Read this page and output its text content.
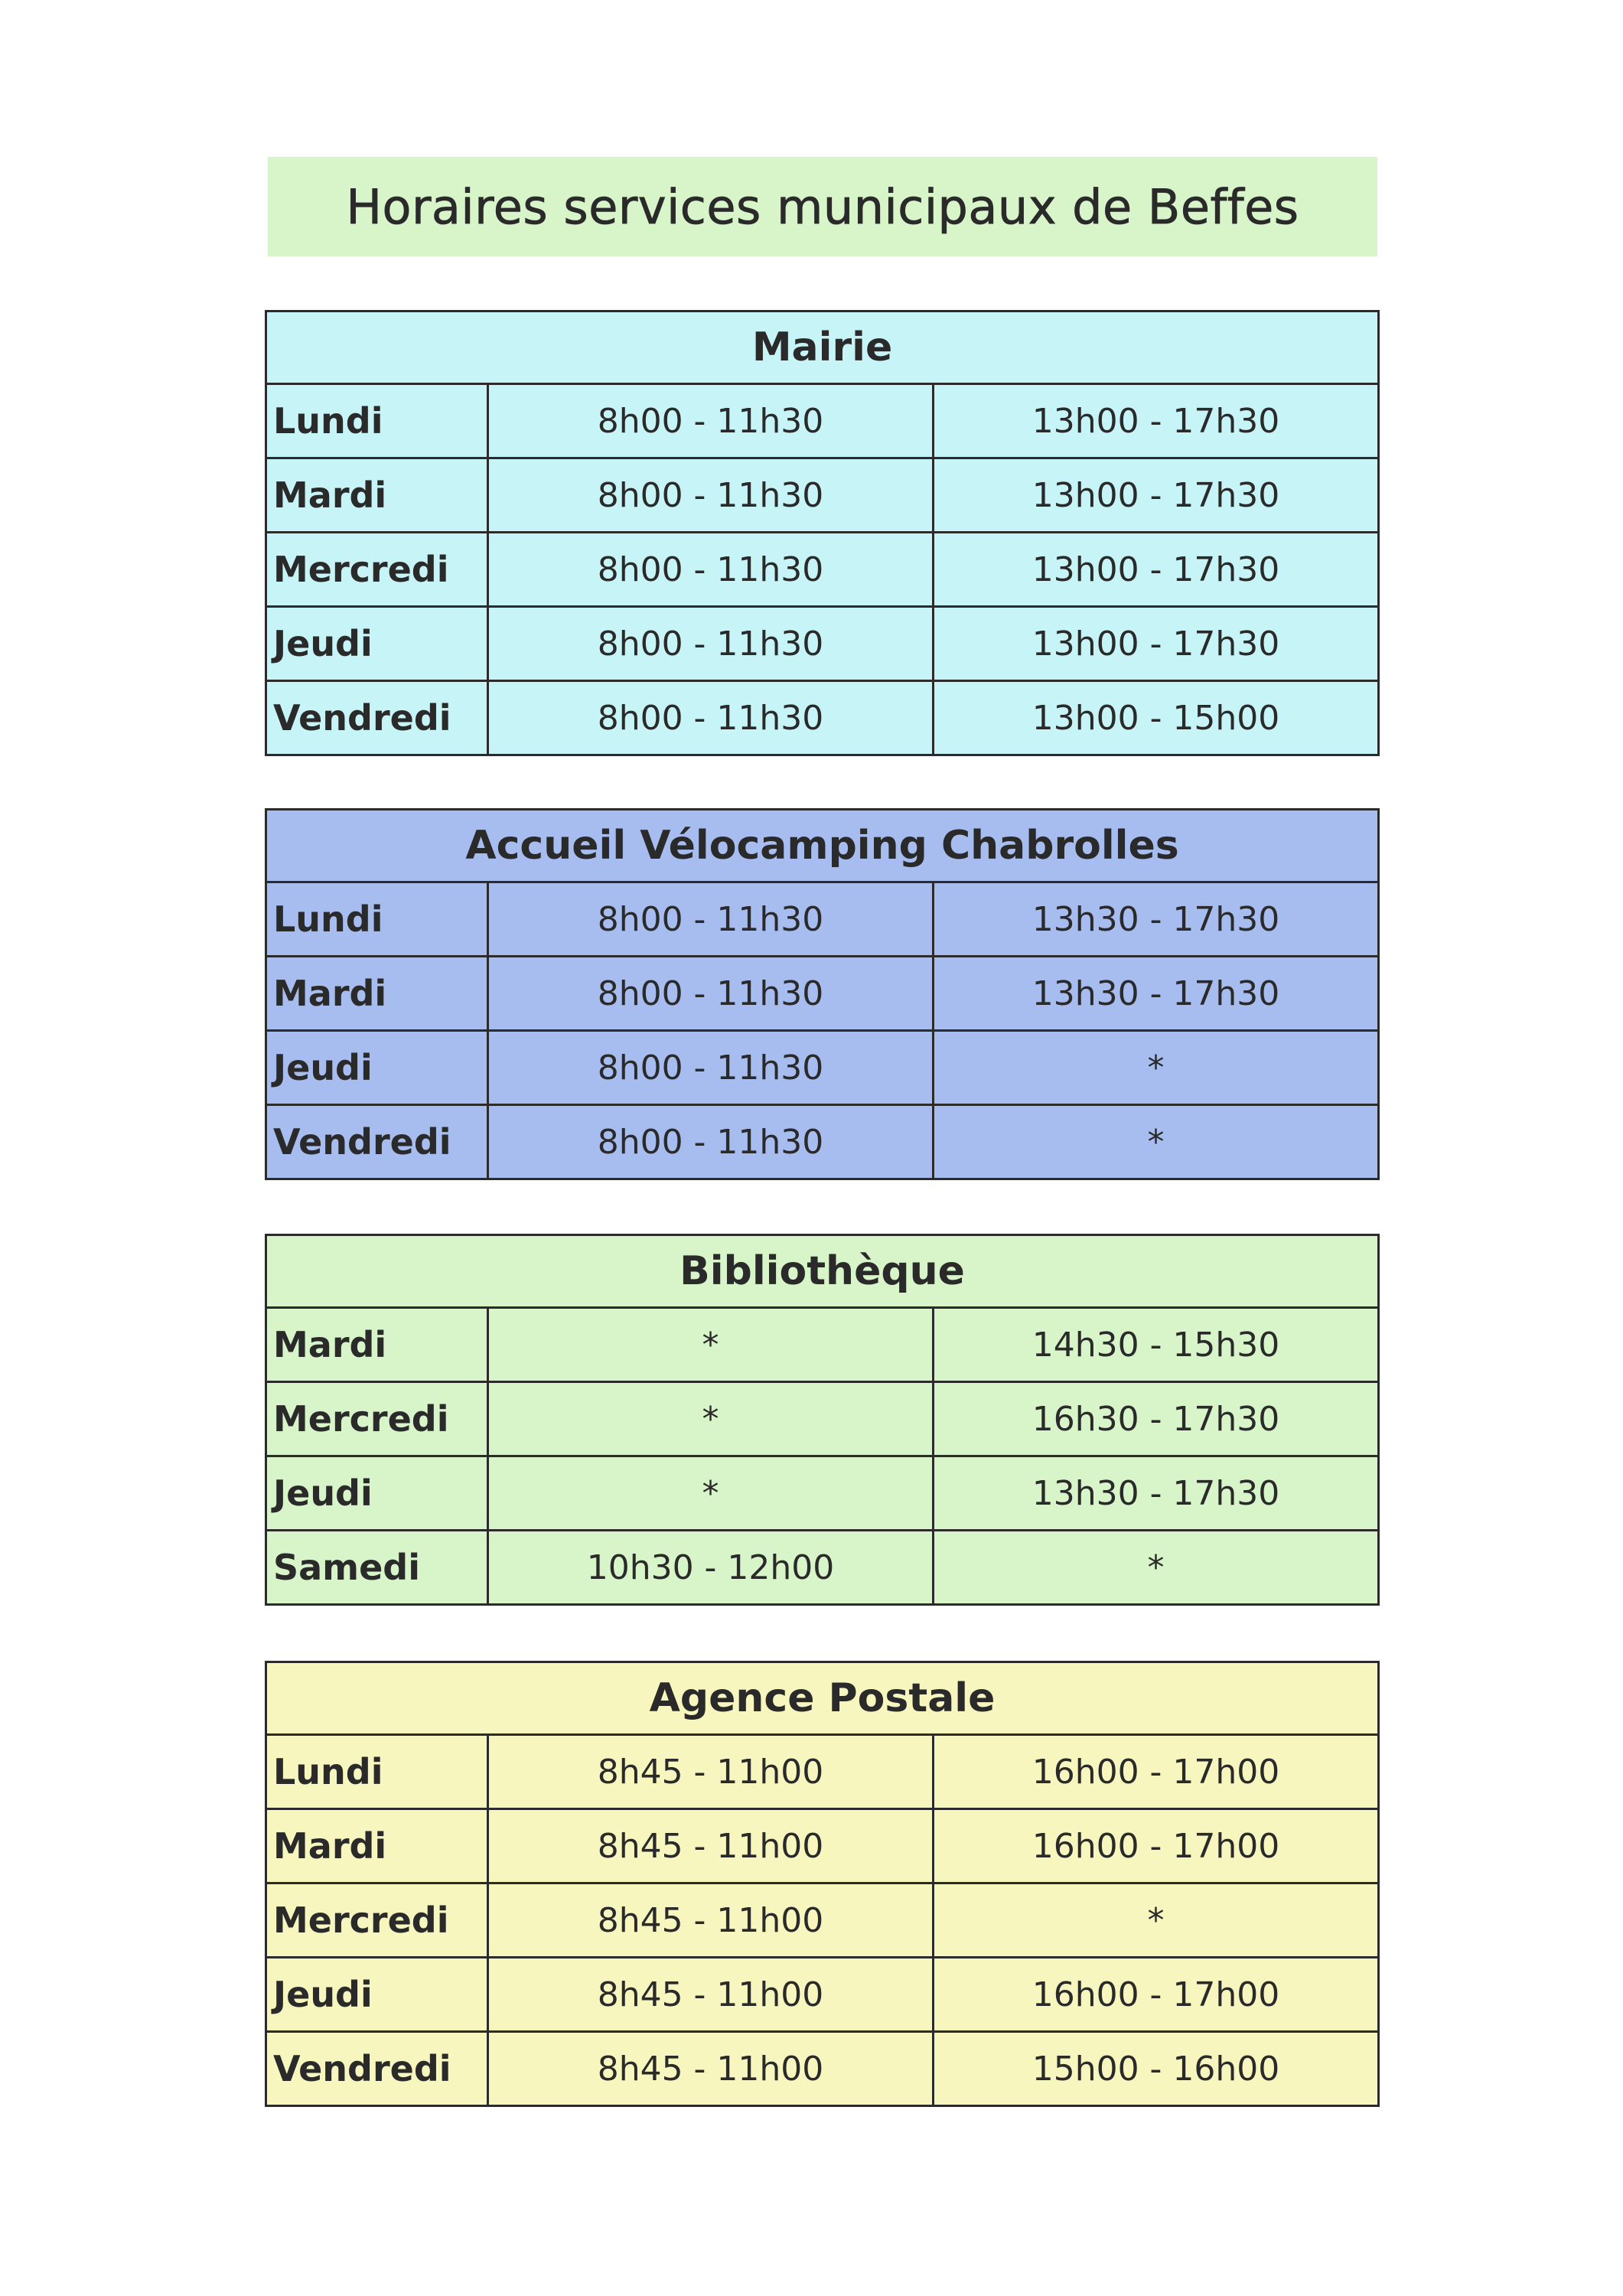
Horaires services municipaux de Beffes
Mairie		
Lundi	8h00 - 11h30	13h00 - 17h30
Mardi	8h00 - 11h30	13h00 - 17h30
Mercredi	8h00 - 11h30	13h00 - 17h30
Jeudi	8h00 - 11h30	13h00 - 17h30
Vendredi	8h00 - 11h30	13h00 - 15h00
Accueil Vélocamping Chabrolles		
Lundi	8h00 - 11h30	13h30 - 17h30
Mardi	8h00 - 11h30	13h30 - 17h30
Jeudi	8h00 - 11h30	*
Vendredi	8h00 - 11h30	*
Bibliothèque		
Mardi	*	14h30 - 15h30
Mercredi	*	16h30 - 17h30
Jeudi	*	13h30 - 17h30
Samedi	10h30 - 12h00	*
Agence Postale		
Lundi	8h45 - 11h00	16h00 - 17h00
Mardi	8h45 - 11h00	16h00 - 17h00
Mercredi	8h45 - 11h00	*
Jeudi	8h45 - 11h00	16h00 - 17h00
Vendredi	8h45 - 11h00	15h00 - 16h00
